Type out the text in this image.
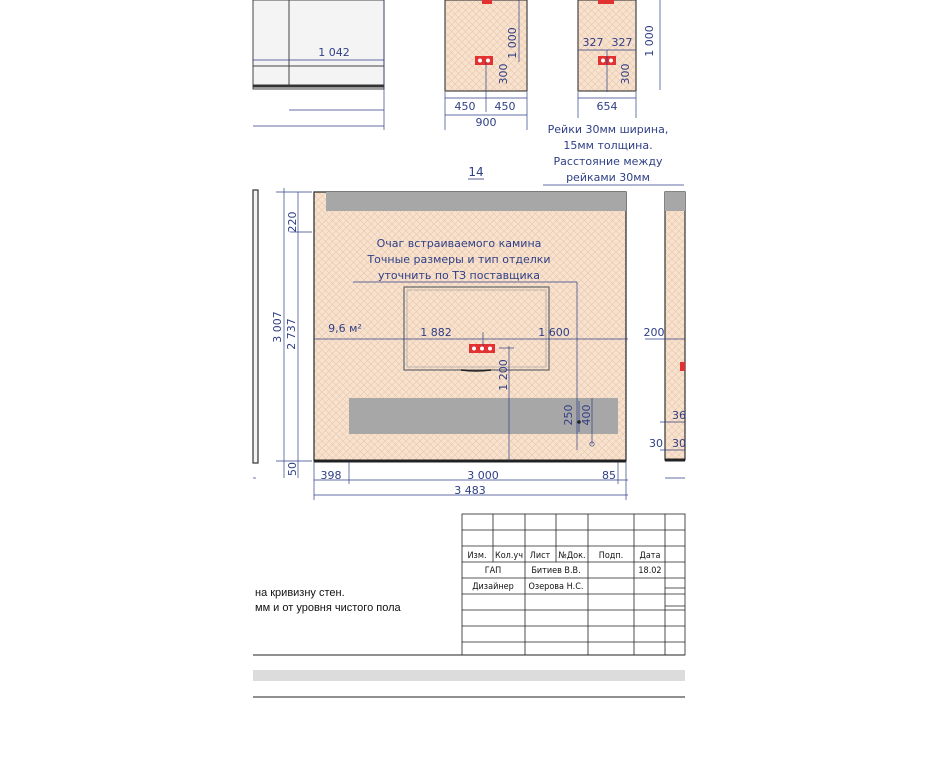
1 042	1 000
300
450 450
900
327 327 1 000
300
654
Рейки 30мм ширина,
15мм толщина.
Расстояние между
рейками 30мм
14
Очаг встраиваемого камина
Точные размеры и тип отделки
уточнить по ТЗ поставщика
9,6 м²	1 882	1 600
1 200
250 400
220
3 007 2 737
50 398	3 000	85
3 483
200
36
30 30
на кривизну стен.
мм и от уровня чистого пола
Изм. Кол.уч Лист №Док. Подп. Дата
ГАП	Битиев В.В.	18.02
Дизайнер Озерова Н.С.
